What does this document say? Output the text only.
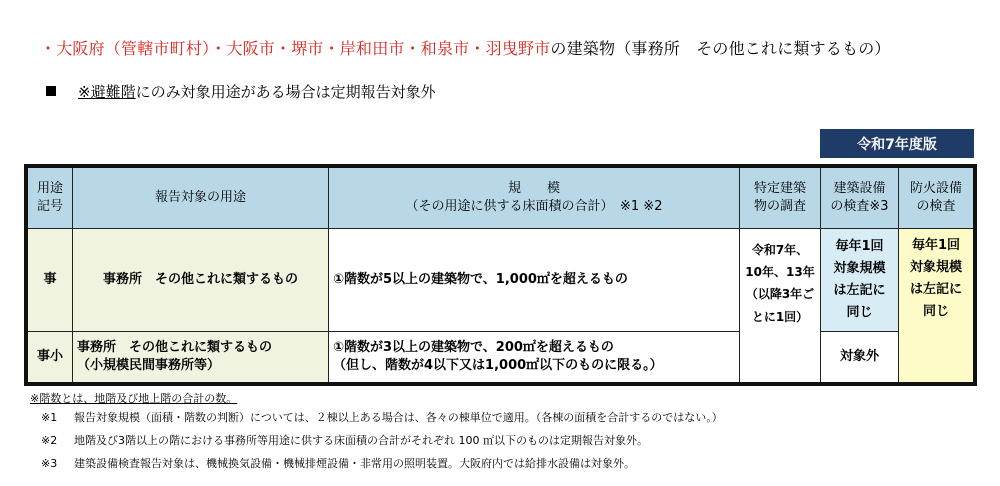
・大阪府（管轄市町村）・大阪市・堺市・岸和田市・和泉市・羽曳野市の建築物（事務所　その他これに類するもの）
※避難階にのみ対象用途がある場合は定期報告対象外
令和7年度版
用途
記号
報告対象の用途
規　　模
（その用途に供する床面積の合計）　※1 ※2
特定建築
物の調査
建築設備
の検査※3
防火設備
の検査
事	事務所　その他これに類するもの	①階数が5以上の建築物で、1,000㎡を超えるもの
事小
事務所　その他これに類するもの
（小規模民間事務所等）
①階数が3以上の建築物で、200㎡を超えるもの
（但し、階数が4以下又は1,000㎡以下のものに限る。）
令和7年、
10年、13年
（以降3年ご
とに1回）
毎年1回
対象規模
は左記に
同じ
対象外
毎年1回
対象規模
は左記に
同じ
※階数とは、地階及び地上階の合計の数。
※1 報告対象規模（面積・階数の判断）については、２棟以上ある場合は、各々の棟単位で適用。（各棟の面積を合計するのではない。）
※2 地階及び3階以上の階における事務所等用途に供する床面積の合計がそれぞれ 100 ㎡以下のものは定期報告対象外。
※3 建築設備検査報告対象は、機械換気設備・機械排煙設備・非常用の照明装置。大阪府内では給排水設備は対象外。
